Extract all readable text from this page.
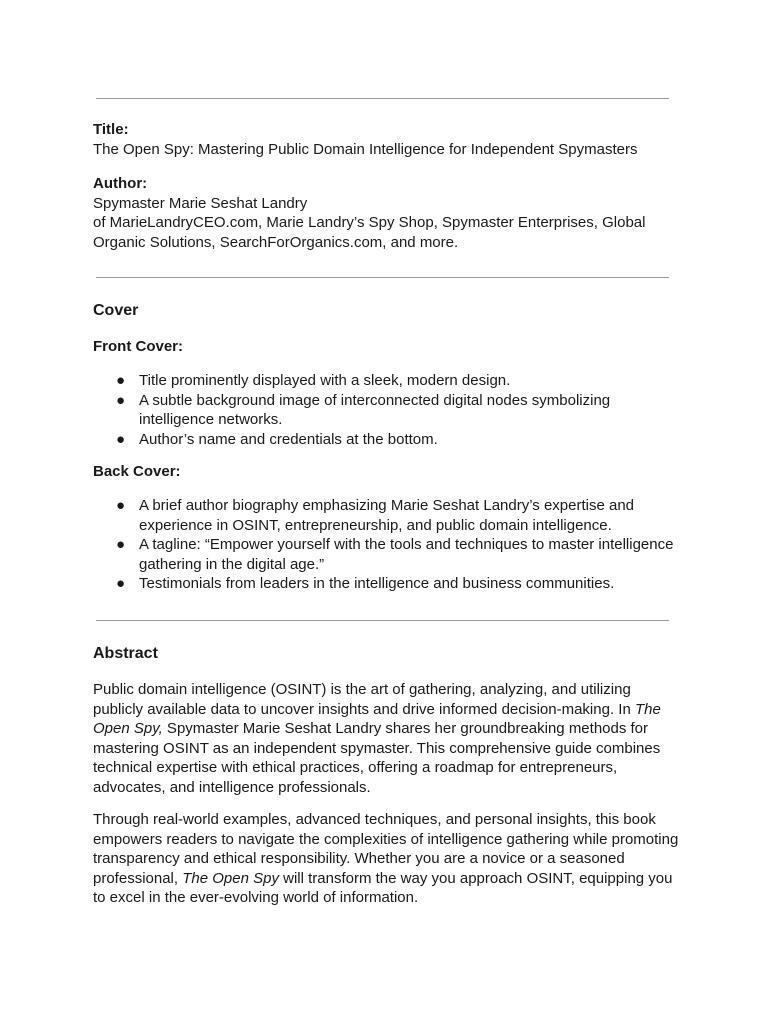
Title:
The Open Spy: Mastering Public Domain Intelligence for Independent Spymasters
Author:
Spymaster Marie Seshat Landry
of MarieLandryCEO.com, Marie Landry’s Spy Shop, Spymaster Enterprises, Global Organic Solutions, SearchForOrganics.com, and more.
Cover
Front Cover:
● Title prominently displayed with a sleek, modern design.
● A subtle background image of interconnected digital nodes symbolizing intelligence networks.
● Author’s name and credentials at the bottom.
Back Cover:
● A brief author biography emphasizing Marie Seshat Landry’s expertise and experience in OSINT, entrepreneurship, and public domain intelligence.
● A tagline: “Empower yourself with the tools and techniques to master intelligence gathering in the digital age.”
● Testimonials from leaders in the intelligence and business communities.
Abstract

Public domain intelligence (OSINT) is the art of gathering, analyzing, and utilizing publicly available data to uncover insights and drive informed decision-making. In The Open Spy, Spymaster Marie Seshat Landry shares her groundbreaking methods for mastering OSINT as an independent spymaster. This comprehensive guide combines technical expertise with ethical practices, offering a roadmap for entrepreneurs, advocates, and intelligence professionals.

Through real-world examples, advanced techniques, and personal insights, this book empowers readers to navigate the complexities of intelligence gathering while promoting transparency and ethical responsibility. Whether you are a novice or a seasoned professional, The Open Spy will transform the way you approach OSINT, equipping you to excel in the ever-evolving world of information.
